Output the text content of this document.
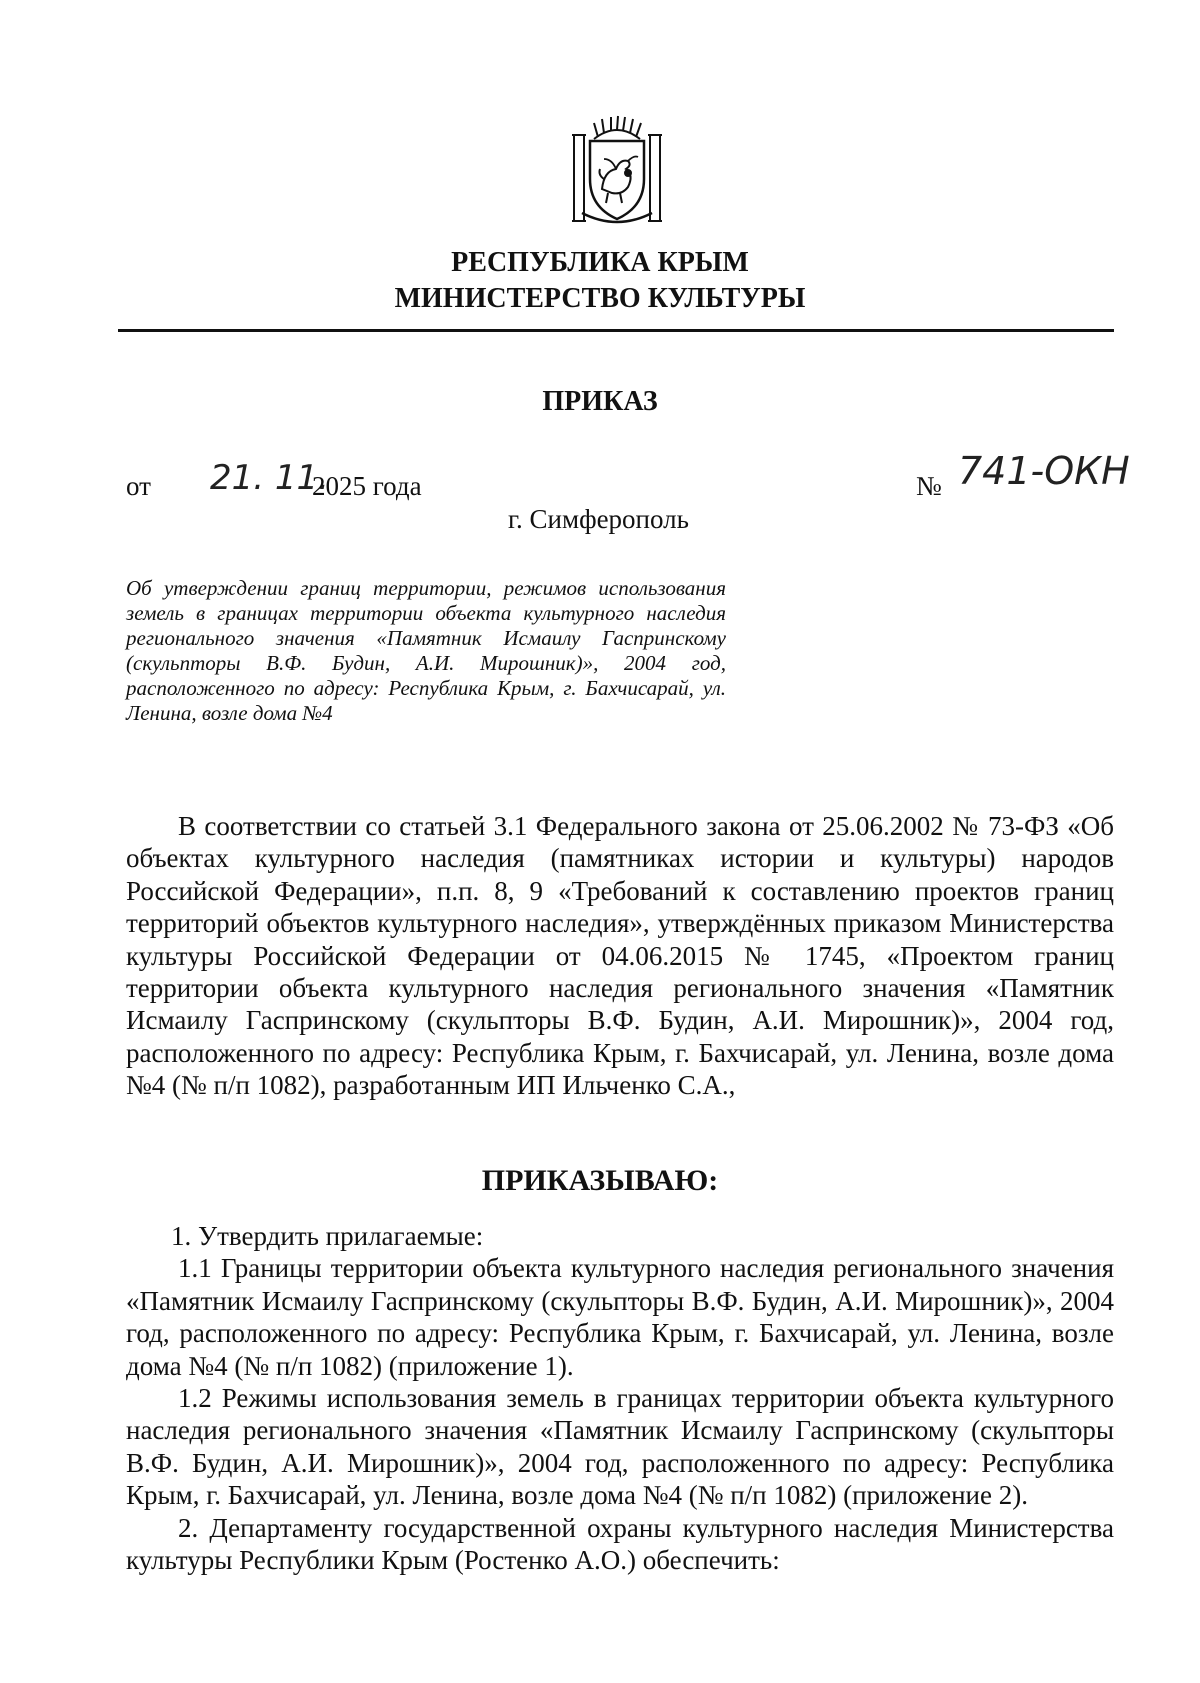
РЕСПУБЛИКА КРЫМ
МИНИСТЕРСТВО КУЛЬТУРЫ
ПРИКАЗ
от 21. 11.
2025 года	№ 741-ОКН
г. Симферополь
Об утверждении границ территории, режимов использования земель в границах территории объекта культурного наследия регионального значения «Памятник Исмаилу Гаспринскому (скульпторы В.Ф. Будин, А.И. Мирошник)», 2004 год, расположенного по адресу: Республика Крым, г. Бахчисарай, ул. Ленина, возле дома №4

В соответствии со статьей 3.1 Федерального закона от 25.06.2002 № 73-ФЗ «Об объектах культурного наследия (памятниках истории и культуры) народов Российской Федерации», п.п. 8, 9 «Требований к составлению проектов границ территорий объектов культурного наследия», утверждённых приказом Министерства культуры Российской Федерации от 04.06.2015 № 1745, «Проектом границ территории объекта культурного наследия регионального значения «Памятник Исмаилу Гаспринскому (скульпторы В.Ф. Будин, А.И. Мирошник)», 2004 год, расположенного по адресу: Республика Крым, г. Бахчисарай, ул. Ленина, возле дома №4 (№ п/п 1082), разработанным ИП Ильченко С.А.,

ПРИКАЗЫВАЮ:

1. Утвердить прилагаемые:

1.1 Границы территории объекта культурного наследия регионального значения «Памятник Исмаилу Гаспринскому (скульпторы В.Ф. Будин, А.И. Мирошник)», 2004 год, расположенного по адресу: Республика Крым, г. Бахчисарай, ул. Ленина, возле дома №4 (№ п/п 1082) (приложение 1).

1.2 Режимы использования земель в границах территории объекта культурного наследия регионального значения «Памятник Исмаилу Гаспринскому (скульпторы В.Ф. Будин, А.И. Мирошник)», 2004 год, расположенного по адресу: Республика Крым, г. Бахчисарай, ул. Ленина, возле дома №4 (№ п/п 1082) (приложение 2).

2. Департаменту государственной охраны культурного наследия Министерства культуры Республики Крым (Ростенко А.О.) обеспечить:
